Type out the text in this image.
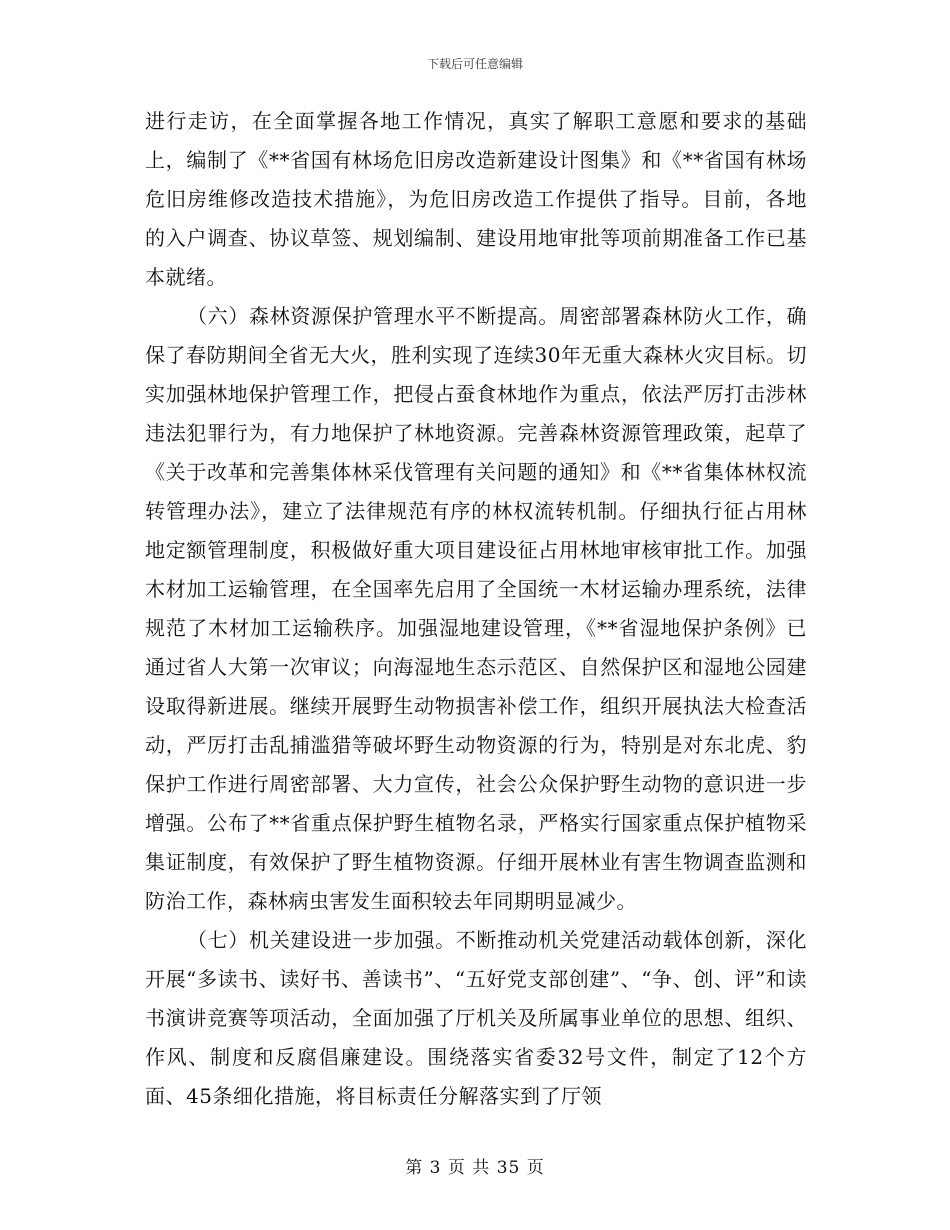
下载后可任意编辑

进行走访，在全面掌握各地工作情况，真实了解职工意愿和要求的基础上，编制了《**省国有林场危旧房改造新建设计图集》和《**省国有林场危旧房维修改造技术措施》，为危旧房改造工作提供了指导。目前，各地的入户调查、协议草签、规划编制、建设用地审批等项前期准备工作已基本就绪。

（六）森林资源保护管理水平不断提高。周密部署森林防火工作，确保了春防期间全省无大火，胜利实现了连续30年无重大森林火灾目标。切实加强林地保护管理工作，把侵占蚕食林地作为重点，依法严厉打击涉林违法犯罪行为，有力地保护了林地资源。完善森林资源管理政策，起草了《关于改革和完善集体林采伐管理有关问题的通知》和《**省集体林权流转管理办法》，建立了法律规范有序的林权流转机制。仔细执行征占用林地定额管理制度，积极做好重大项目建设征占用林地审核审批工作。加强木材加工运输管理，在全国率先启用了全国统一木材运输办理系统，法律规范了木材加工运输秩序。加强湿地建设管理，《**省湿地保护条例》已通过省人大第一次审议；向海湿地生态示范区、自然保护区和湿地公园建设取得新进展。继续开展野生动物损害补偿工作，组织开展执法大检查活动，严厉打击乱捕滥猎等破坏野生动物资源的行为，特别是对东北虎、豹保护工作进行周密部署、大力宣传，社会公众保护野生动物的意识进一步增强。公布了**省重点保护野生植物名录，严格实行国家重点保护植物采集证制度，有效保护了野生植物资源。仔细开展林业有害生物调查监测和防治工作，森林病虫害发生面积较去年同期明显减少。

（七）机关建设进一步加强。不断推动机关党建活动载体创新，深化开展“多读书、读好书、善读书”、“五好党支部创建”、“争、创、评”和读书演讲竞赛等项活动，全面加强了厅机关及所属事业单位的思想、组织、作风、制度和反腐倡廉建设。围绕落实省委32号文件，制定了12个方面、45条细化措施，将目标责任分解落实到了厅领

第 3 页 共 35 页
